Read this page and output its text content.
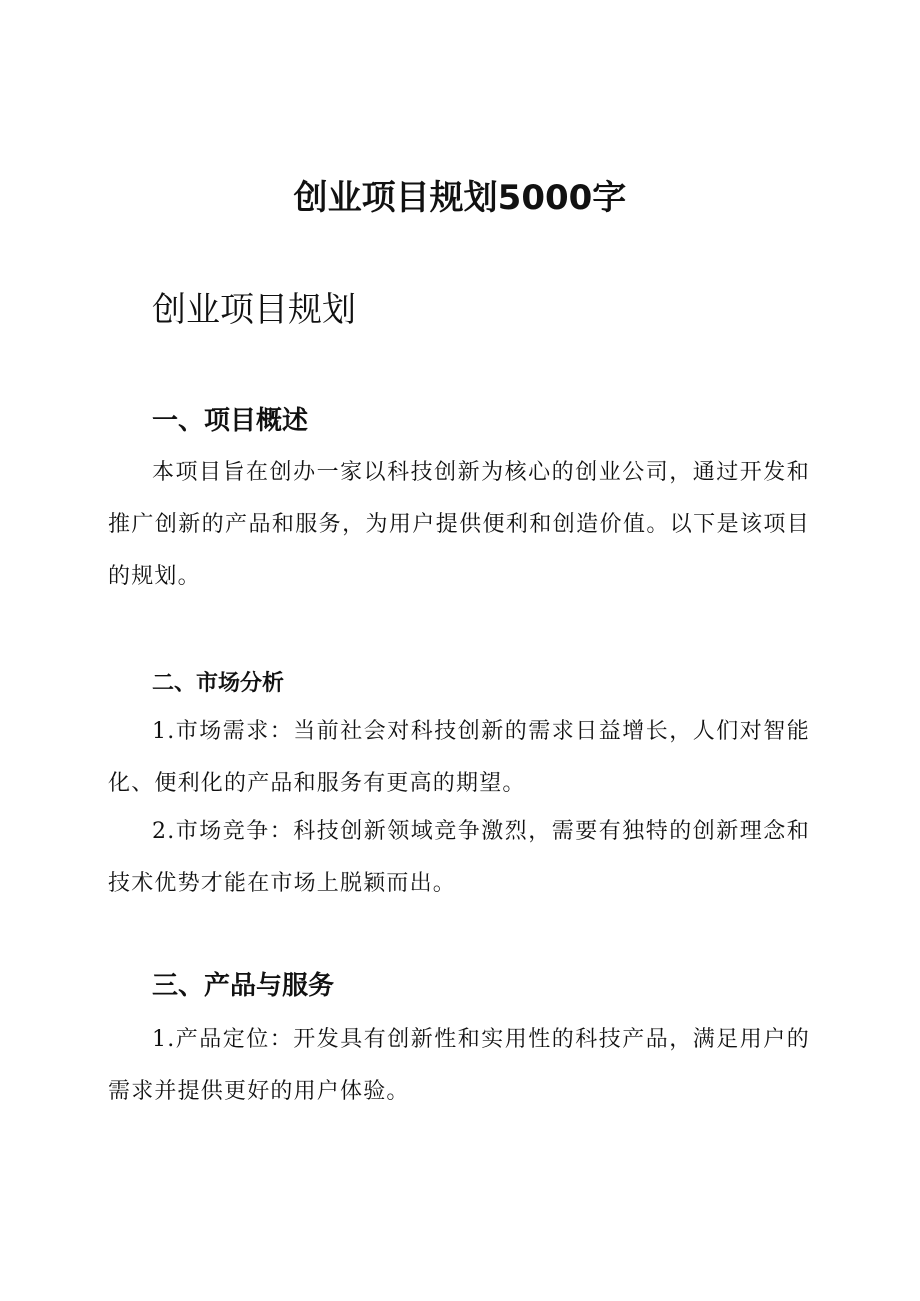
创业项目规划5000字
创业项目规划
一、项目概述

本项目旨在创办一家以科技创新为核心的创业公司，通过开发和推广创新的产品和服务，为用户提供便利和创造价值。以下是该项目的规划。

二、市场分析

1.市场需求：当前社会对科技创新的需求日益增长，人们对智能化、便利化的产品和服务有更高的期望。

2.市场竞争：科技创新领域竞争激烈，需要有独特的创新理念和技术优势才能在市场上脱颖而出。

三、产品与服务

1.产品定位：开发具有创新性和实用性的科技产品，满足用户的需求并提供更好的用户体验。
